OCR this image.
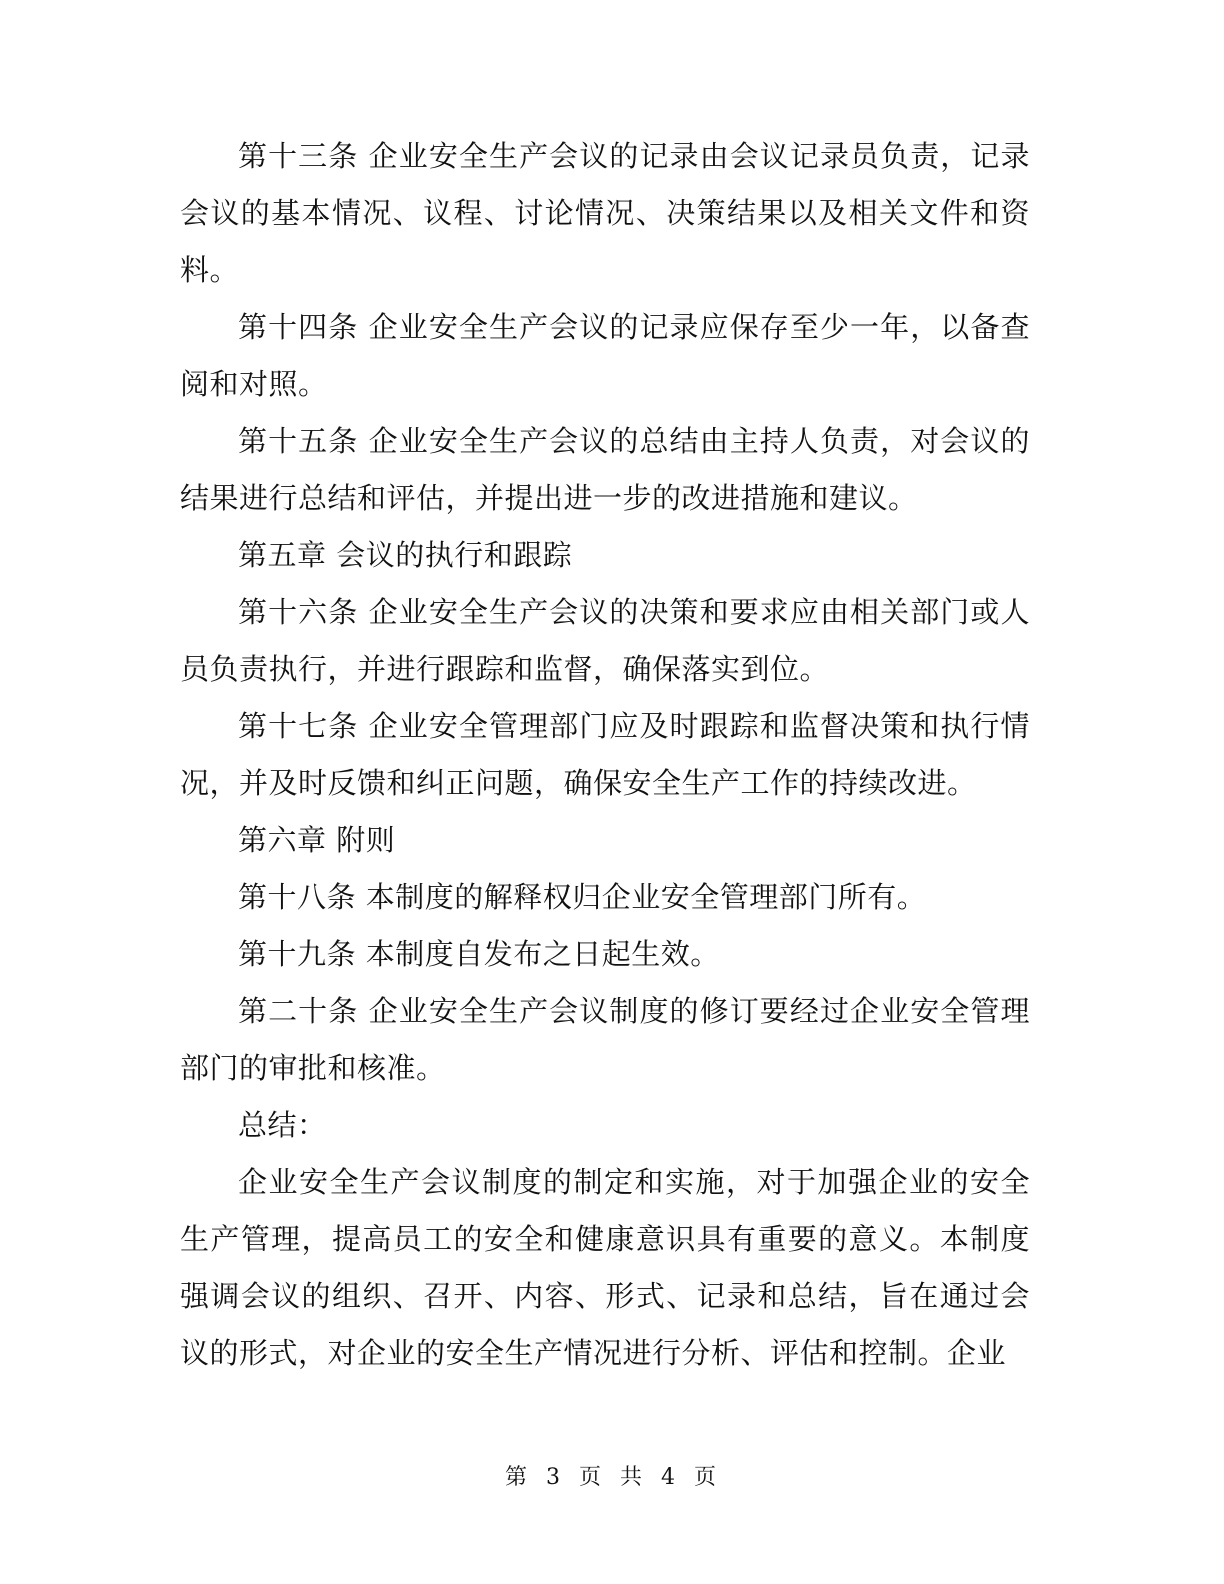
第十三条 企业安全生产会议的记录由会议记录员负责，记录会议的基本情况、议程、讨论情况、决策结果以及相关文件和资料。

第十四条 企业安全生产会议的记录应保存至少一年，以备查阅和对照。

第十五条 企业安全生产会议的总结由主持人负责，对会议的结果进行总结和评估，并提出进一步的改进措施和建议。

第五章 会议的执行和跟踪

第十六条 企业安全生产会议的决策和要求应由相关部门或人员负责执行，并进行跟踪和监督，确保落实到位。

第十七条 企业安全管理部门应及时跟踪和监督决策和执行情况，并及时反馈和纠正问题，确保安全生产工作的持续改进。

第六章 附则

第十八条 本制度的解释权归企业安全管理部门所有。

第十九条 本制度自发布之日起生效。

第二十条 企业安全生产会议制度的修订要经过企业安全管理部门的审批和核准。

总结：

企业安全生产会议制度的制定和实施，对于加强企业的安全生产管理，提高员工的安全和健康意识具有重要的意义。本制度强调会议的组织、召开、内容、形式、记录和总结，旨在通过会议的形式，对企业的安全生产情况进行分析、评估和控制。企业

第 3 页 共 4 页
